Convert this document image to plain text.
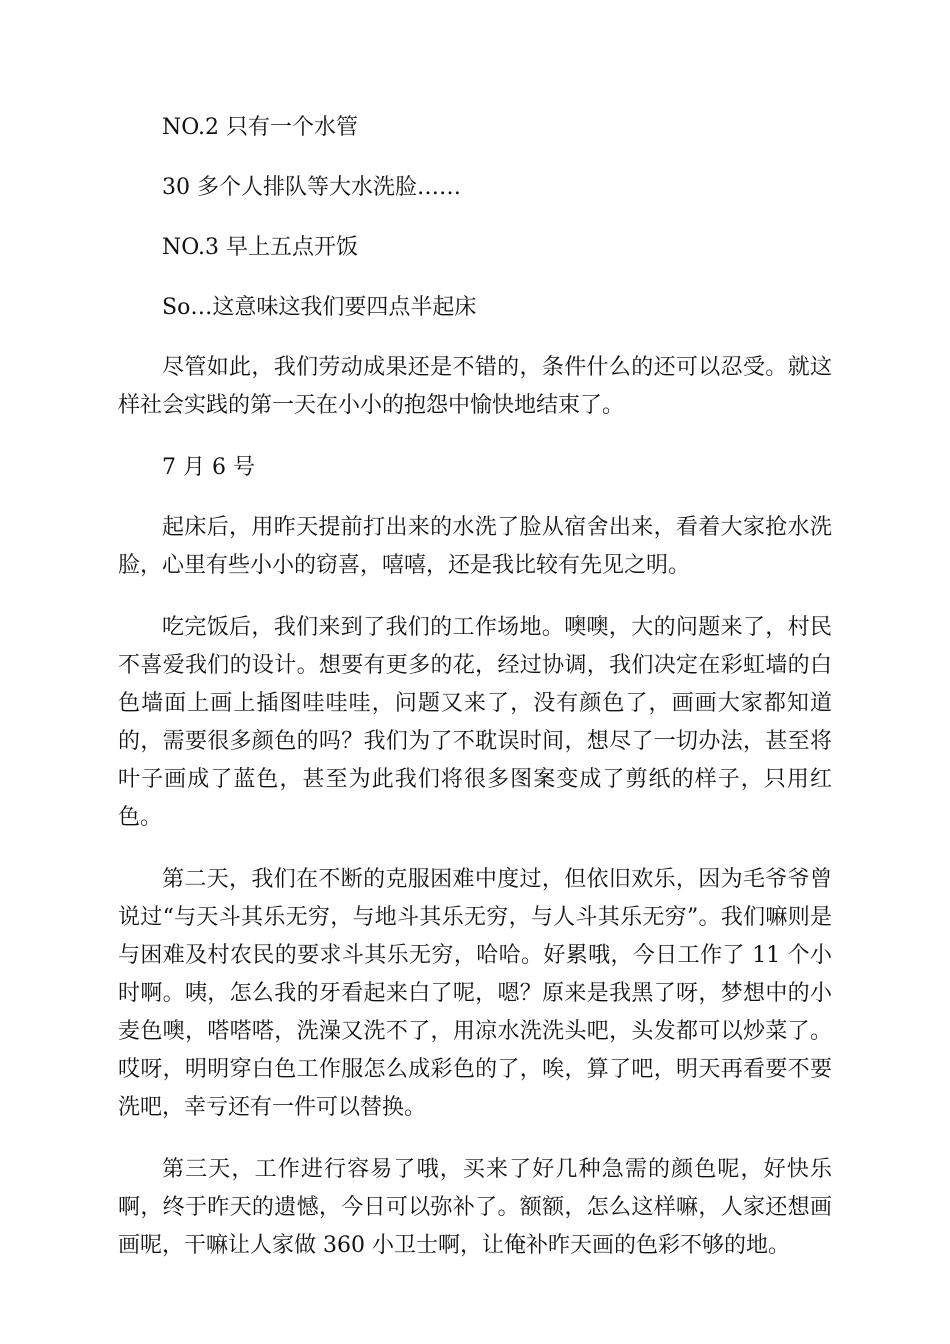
NO.2 只有一个水管

30 多个人排队等大水洗脸……

NO.3 早上五点开饭

So…这意味这我们要四点半起床

尽管如此，我们劳动成果还是不错的，条件什么的还可以忍受。就这样社会实践的第一天在小小的抱怨中愉快地结束了。

7 月 6 号

起床后，用昨天提前打出来的水洗了脸从宿舍出来，看着大家抢水洗脸，心里有些小小的窃喜，嘻嘻，还是我比较有先见之明。

吃完饭后，我们来到了我们的工作场地。噢噢，大的问题来了，村民不喜爱我们的设计。想要有更多的花，经过协调，我们决定在彩虹墙的白色墙面上画上插图哇哇哇，问题又来了，没有颜色了，画画大家都知道的，需要很多颜色的吗？我们为了不耽误时间，想尽了一切办法，甚至将叶子画成了蓝色，甚至为此我们将很多图案变成了剪纸的样子，只用红色。

第二天，我们在不断的克服困难中度过，但依旧欢乐，因为毛爷爷曾说过“与天斗其乐无穷，与地斗其乐无穷，与人斗其乐无穷”。我们嘛则是与困难及村农民的要求斗其乐无穷，哈哈。好累哦，今日工作了 11 个小时啊。咦，怎么我的牙看起来白了呢，嗯？原来是我黑了呀，梦想中的小麦色噢，嗒嗒嗒，洗澡又洗不了，用凉水洗洗头吧，头发都可以炒菜了。哎呀，明明穿白色工作服怎么成彩色的了，唉，算了吧，明天再看要不要洗吧，幸亏还有一件可以替换。

第三天，工作进行容易了哦，买来了好几种急需的颜色呢，好快乐啊，终于昨天的遗憾，今日可以弥补了。额额，怎么这样嘛，人家还想画画呢，干嘛让人家做 360 小卫士啊，让俺补昨天画的色彩不够的地。
